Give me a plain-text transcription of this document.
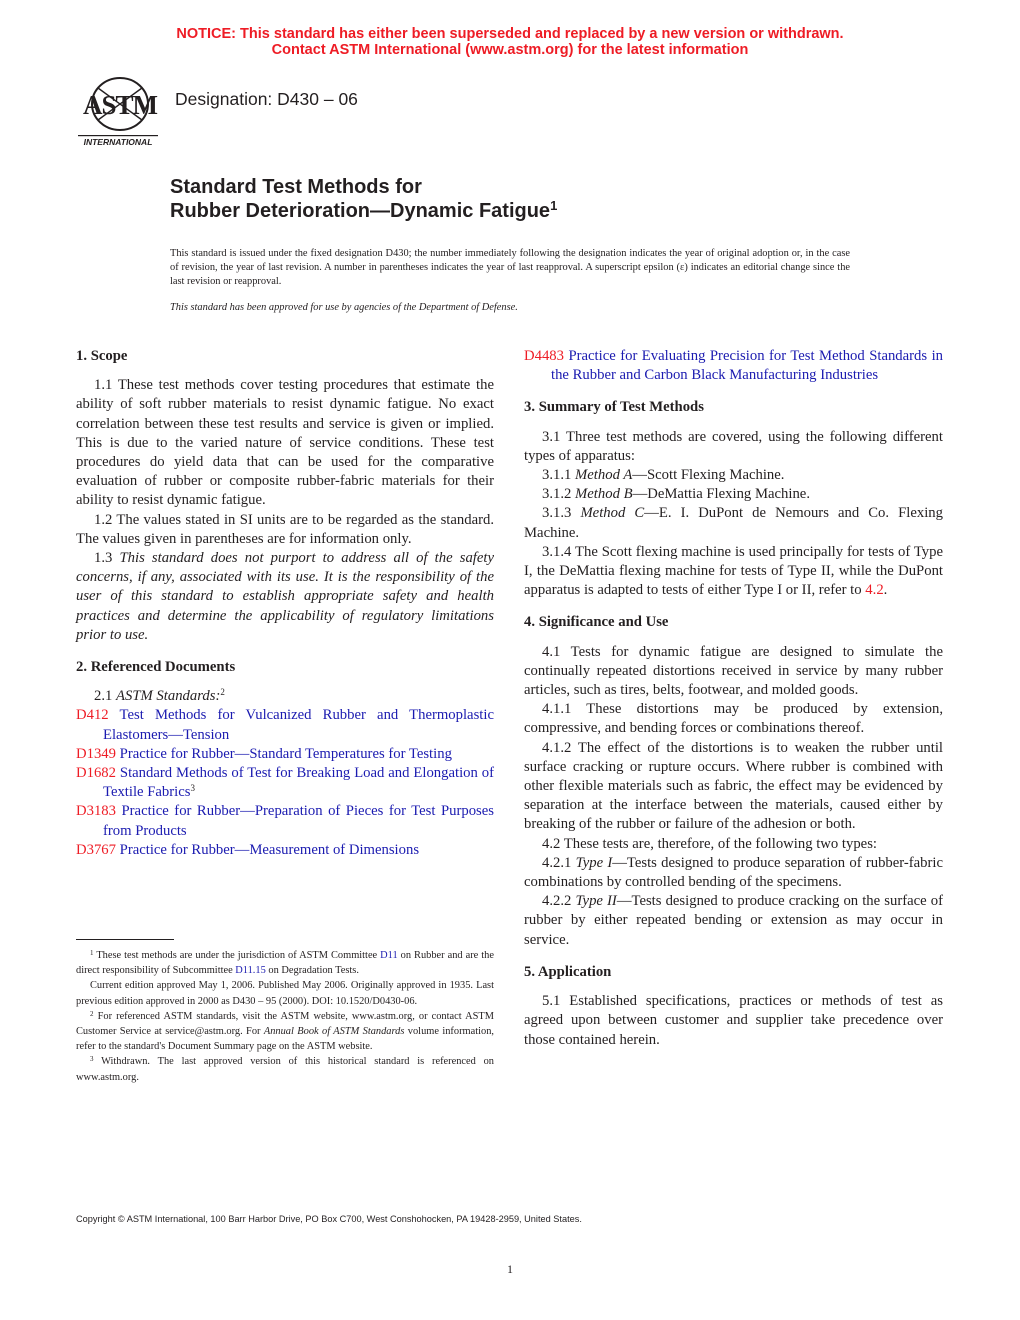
NOTICE: This standard has either been superseded and replaced by a new version or withdrawn.
Contact ASTM International (www.astm.org) for the latest information
ASTM
INTERNATIONAL
Designation: D430 – 06
Standard Test Methods for
Rubber Deterioration—Dynamic Fatigue$^1$
This standard is issued under the fixed designation D430; the number immediately following the designation indicates the year of original adoption or, in the case of revision, the year of last revision. A number in parentheses indicates the year of last reapproval. A superscript epsilon (ε) indicates an editorial change since the last revision or reapproval.
This standard has been approved for use by agencies of the Department of Defense.
1. Scope

1.1 These test methods cover testing procedures that estimate the ability of soft rubber materials to resist dynamic fatigue. No exact correlation between these test results and service is given or implied. This is due to the varied nature of service conditions. These test procedures do yield data that can be used for the comparative evaluation of rubber or composite rubber-fabric materials for their ability to resist dynamic fatigue.

1.2 The values stated in SI units are to be regarded as the standard. The values given in parentheses are for information only.

1.3 This standard does not purport to address all of the safety concerns, if any, associated with its use. It is the responsibility of the user of this standard to establish appropriate safety and health practices and determine the applicability of regulatory limitations prior to use.

2. Referenced Documents

2.1 ASTM Standards:$^2$

D412 Test Methods for Vulcanized Rubber and Thermoplastic Elastomers—Tension

D1349 Practice for Rubber—Standard Temperatures for Testing

D1682 Standard Methods of Test for Breaking Load and Elongation of Textile Fabrics$^3$

D3183 Practice for Rubber—Preparation of Pieces for Test Purposes from Products

D3767 Practice for Rubber—Measurement of Dimensions

$^1$ These test methods are under the jurisdiction of ASTM Committee D11 on Rubber and are the direct responsibility of Subcommittee D11.15 on Degradation Tests.

Current edition approved May 1, 2006. Published May 2006. Originally approved in 1935. Last previous edition approved in 2000 as D430 – 95 (2000). DOI: 10.1520/D0430-06.

$^2$ For referenced ASTM standards, visit the ASTM website, www.astm.org, or contact ASTM Customer Service at service@astm.org. For Annual Book of ASTM Standards volume information, refer to the standard's Document Summary page on the ASTM website.

$^3$ Withdrawn. The last approved version of this historical standard is referenced on www.astm.org.

D4483 Practice for Evaluating Precision for Test Method Standards in the Rubber and Carbon Black Manufacturing Industries

3. Summary of Test Methods

3.1 Three test methods are covered, using the following different types of apparatus:

3.1.1 Method A—Scott Flexing Machine.

3.1.2 Method B—DeMattia Flexing Machine.

3.1.3 Method C—E. I. DuPont de Nemours and Co. Flexing Machine.

3.1.4 The Scott flexing machine is used principally for tests of Type I, the DeMattia flexing machine for tests of Type II, while the DuPont apparatus is adapted to tests of either Type I or II, refer to 4.2.

4. Significance and Use

4.1 Tests for dynamic fatigue are designed to simulate the continually repeated distortions received in service by many rubber articles, such as tires, belts, footwear, and molded goods.

4.1.1 These distortions may be produced by extension, compressive, and bending forces or combinations thereof.

4.1.2 The effect of the distortions is to weaken the rubber until surface cracking or rupture occurs. Where rubber is combined with other flexible materials such as fabric, the effect may be evidenced by separation at the interface between the materials, caused either by breaking of the rubber or failure of the adhesion or both.

4.2 These tests are, therefore, of the following two types:

4.2.1 Type I—Tests designed to produce separation of rubber-fabric combinations by controlled bending of the specimens.

4.2.2 Type II—Tests designed to produce cracking on the surface of rubber by either repeated bending or extension as may occur in service.

5. Application

5.1 Established specifications, practices or methods of test as agreed upon between customer and supplier take precedence over those contained herein.

Copyright © ASTM International, 100 Barr Harbor Drive, PO Box C700, West Conshohocken, PA 19428-2959, United States.
1
